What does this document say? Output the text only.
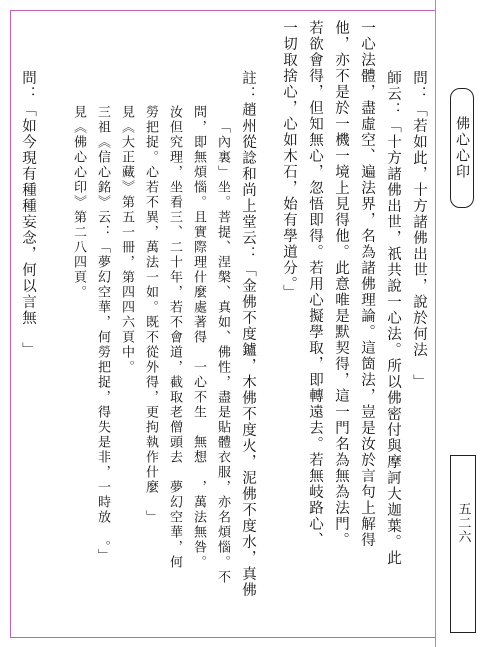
佛心心印
五二六
問：「若如此，十方諸佛出世，說於何法　」
師云：「十方諸佛出世，祇共說一心法。所以佛密付與摩訶大迦葉。此
一心法體，盡虛空、遍法界，名為諸佛理論。這箇法，豈是汝於言句上解得
他，亦不是於一機一境上見得他。此意唯是默契得，這一門名為無為法門。
若欲會得，但知無心，忽悟即得。若用心擬學取，即轉遠去。若無岐路心、
一切取捨心，心如木石，始有學道分。」
註：趙州從諗和尚上堂云：「金佛不度鑪，木佛不度火，泥佛不度水，真佛
「內裏」坐。菩提、涅槃、真如、佛性，盡是貼體衣服，亦名煩惱。不
問，即無煩惱。且實際理什麼處著得　一心不生　無想　，萬法無咎。
汝但究理，坐看三、二十年，若不會道，截取老僧頭去　夢幻空華，何
勞把捉。心若不異，萬法一如。既不從外得，更拘執作什麼　」
見《大正藏》第五一冊，第四四六頁中。
三祖《信心銘》云：「夢幻空華，何勞把捉，得失是非，一時放　。」
見《佛心心印》第二八四頁。
問：「如今現有種種妄念，何以言無　」
